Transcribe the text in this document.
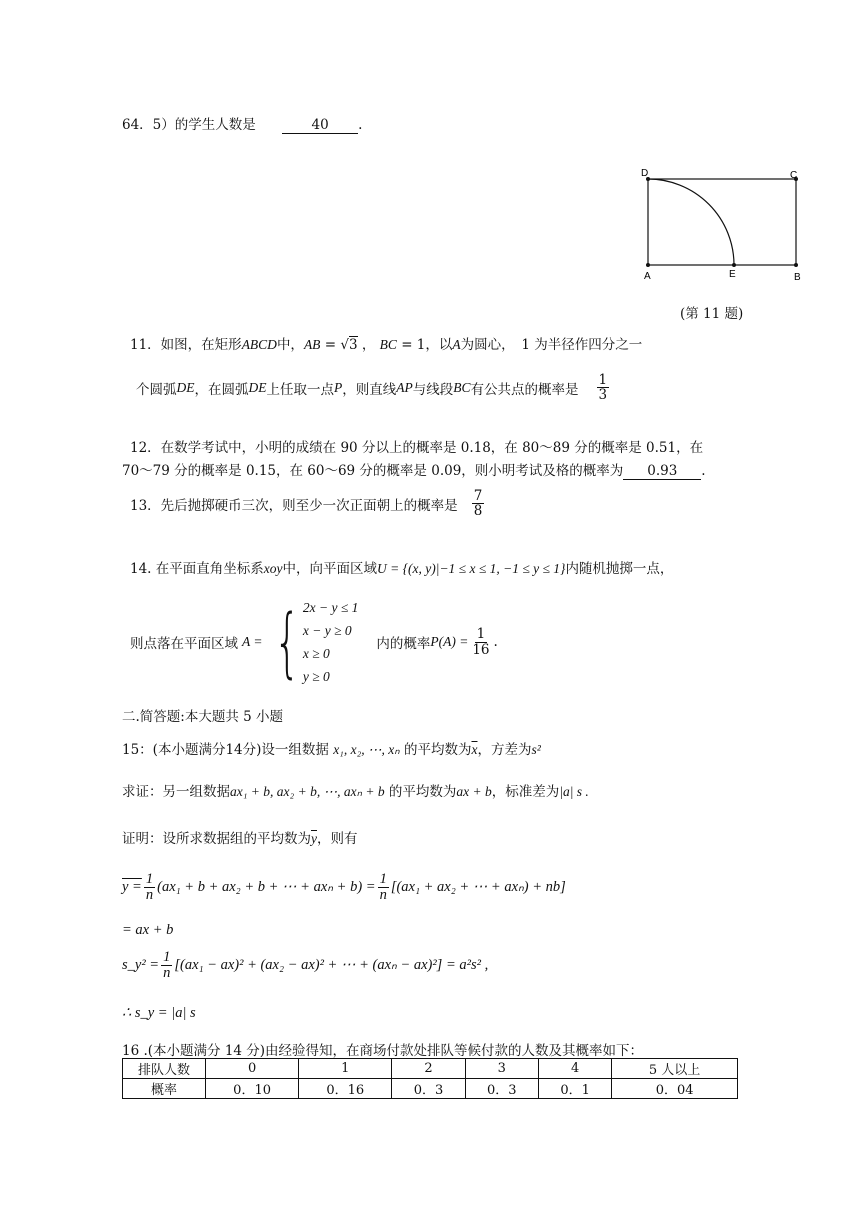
64．5）的学生人数是	40 .
D	C
A	E	B
(第 11 题)
11．如图，在矩形ABCD中，AB = √3 ， BC = 1，以A为圆心，　1 为半径作四分之一
个圆弧 DE ，在圆弧 DE 上任取一点 P ，则直线 AP 与线段 BC 有公共点的概率是 $\frac{1}{3}$
12．在数学考试中，小明的成绩在 90 分以上的概率是 0.18，在 80～89 分的概率是 0.51，在
70～79 分的概率是 0.15，在 60～69 分的概率是 0.09，则小明考试及格的概率为 0.93 .
13．先后抛掷硬币三次，则至少一次正面朝上的概率是 $\frac{7}{8}$
14. 在平面直角坐标系xoy中，向平面区域U = {(x, y)|−1 ≤ x ≤ 1, −1 ≤ y ≤ 1}内随机抛掷一点，
则点落在平面区域 A = { 2x − y ≤ 1
x − y ≥ 0
x ≥ 0
y ≥ 0
内的概率 $P(A) = \frac{1}{16}$ .
二.简答题:本大题共 5 小题
15：(本小题满分14分)设一组数据 x₁, x₂, ⋯, xₙ 的平均数为$\overline{x}$，方差为s²
求证：另一组数据ax₁ + b, ax₂ + b, ⋯, axₙ + b 的平均数为ax + b，标准差为|a| s .
证明：设所求数据组的平均数为$\overline{y}$，则有
$y = \frac{1}{n} (ax_1 + b + ax_2 + b$ + ⋯ + $ax_n + b) = \frac{1}{n} [(ax_1 + ax_2$ + ⋯ + axₙ) + nb]
= ax + b
s_y² = $\frac{1}{n} [(ax_1 - ax)^2 + (ax_2 - ax)^2$ + ⋯ + (axₙ − ax)²] = a²s² ,
∴ s_y = |a| s
16 .(本小题满分 14 分)由经验得知，在商场付款处排队等候付款的人数及其概率如下：
排队人数	0	1	2	3	4	5 人以上
概率	0．10	0．16	0．3	0．3	0．1	0．04
